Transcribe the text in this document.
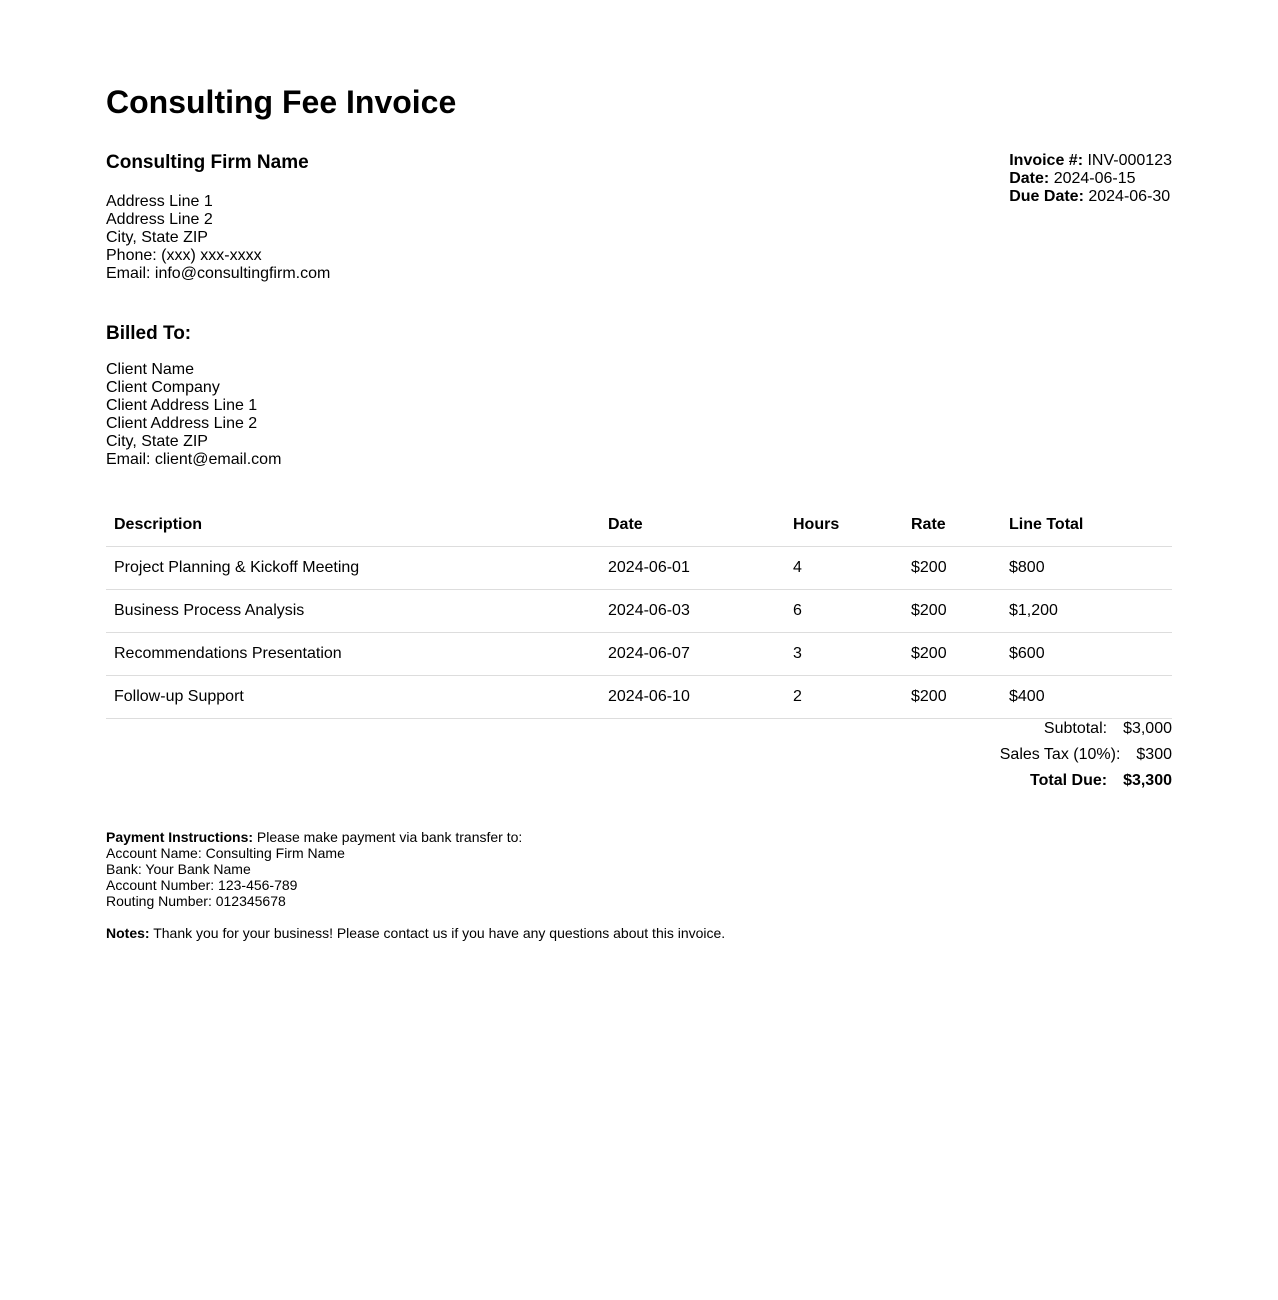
Consulting Fee Invoice
Consulting Firm Name
Address Line 1
Address Line 2
City, State ZIP
Phone: (xxx) xxx-xxxx
Email: info@consultingfirm.com
Invoice #: INV-000123
Date: 2024-06-15
Due Date: 2024-06-30
Billed To:
Client Name
Client Company
Client Address Line 1
Client Address Line 2
City, State ZIP
Email: client@email.com
Description	Date	Hours	Rate	Line Total
Project Planning & Kickoff Meeting	2024-06-01	4	$200	$800
Business Process Analysis	2024-06-03	6	$200	$1,200
Recommendations Presentation	2024-06-07	3	$200	$600
Follow-up Support	2024-06-10	2	$200	$400
Subtotal: $3,000
Sales Tax (10%): $300
Total Due: $3,300
Payment Instructions: Please make payment via bank transfer to:
Account Name: Consulting Firm Name
Bank: Your Bank Name
Account Number: 123-456-789
Routing Number: 012345678
Notes: Thank you for your business! Please contact us if you have any questions about this invoice.
